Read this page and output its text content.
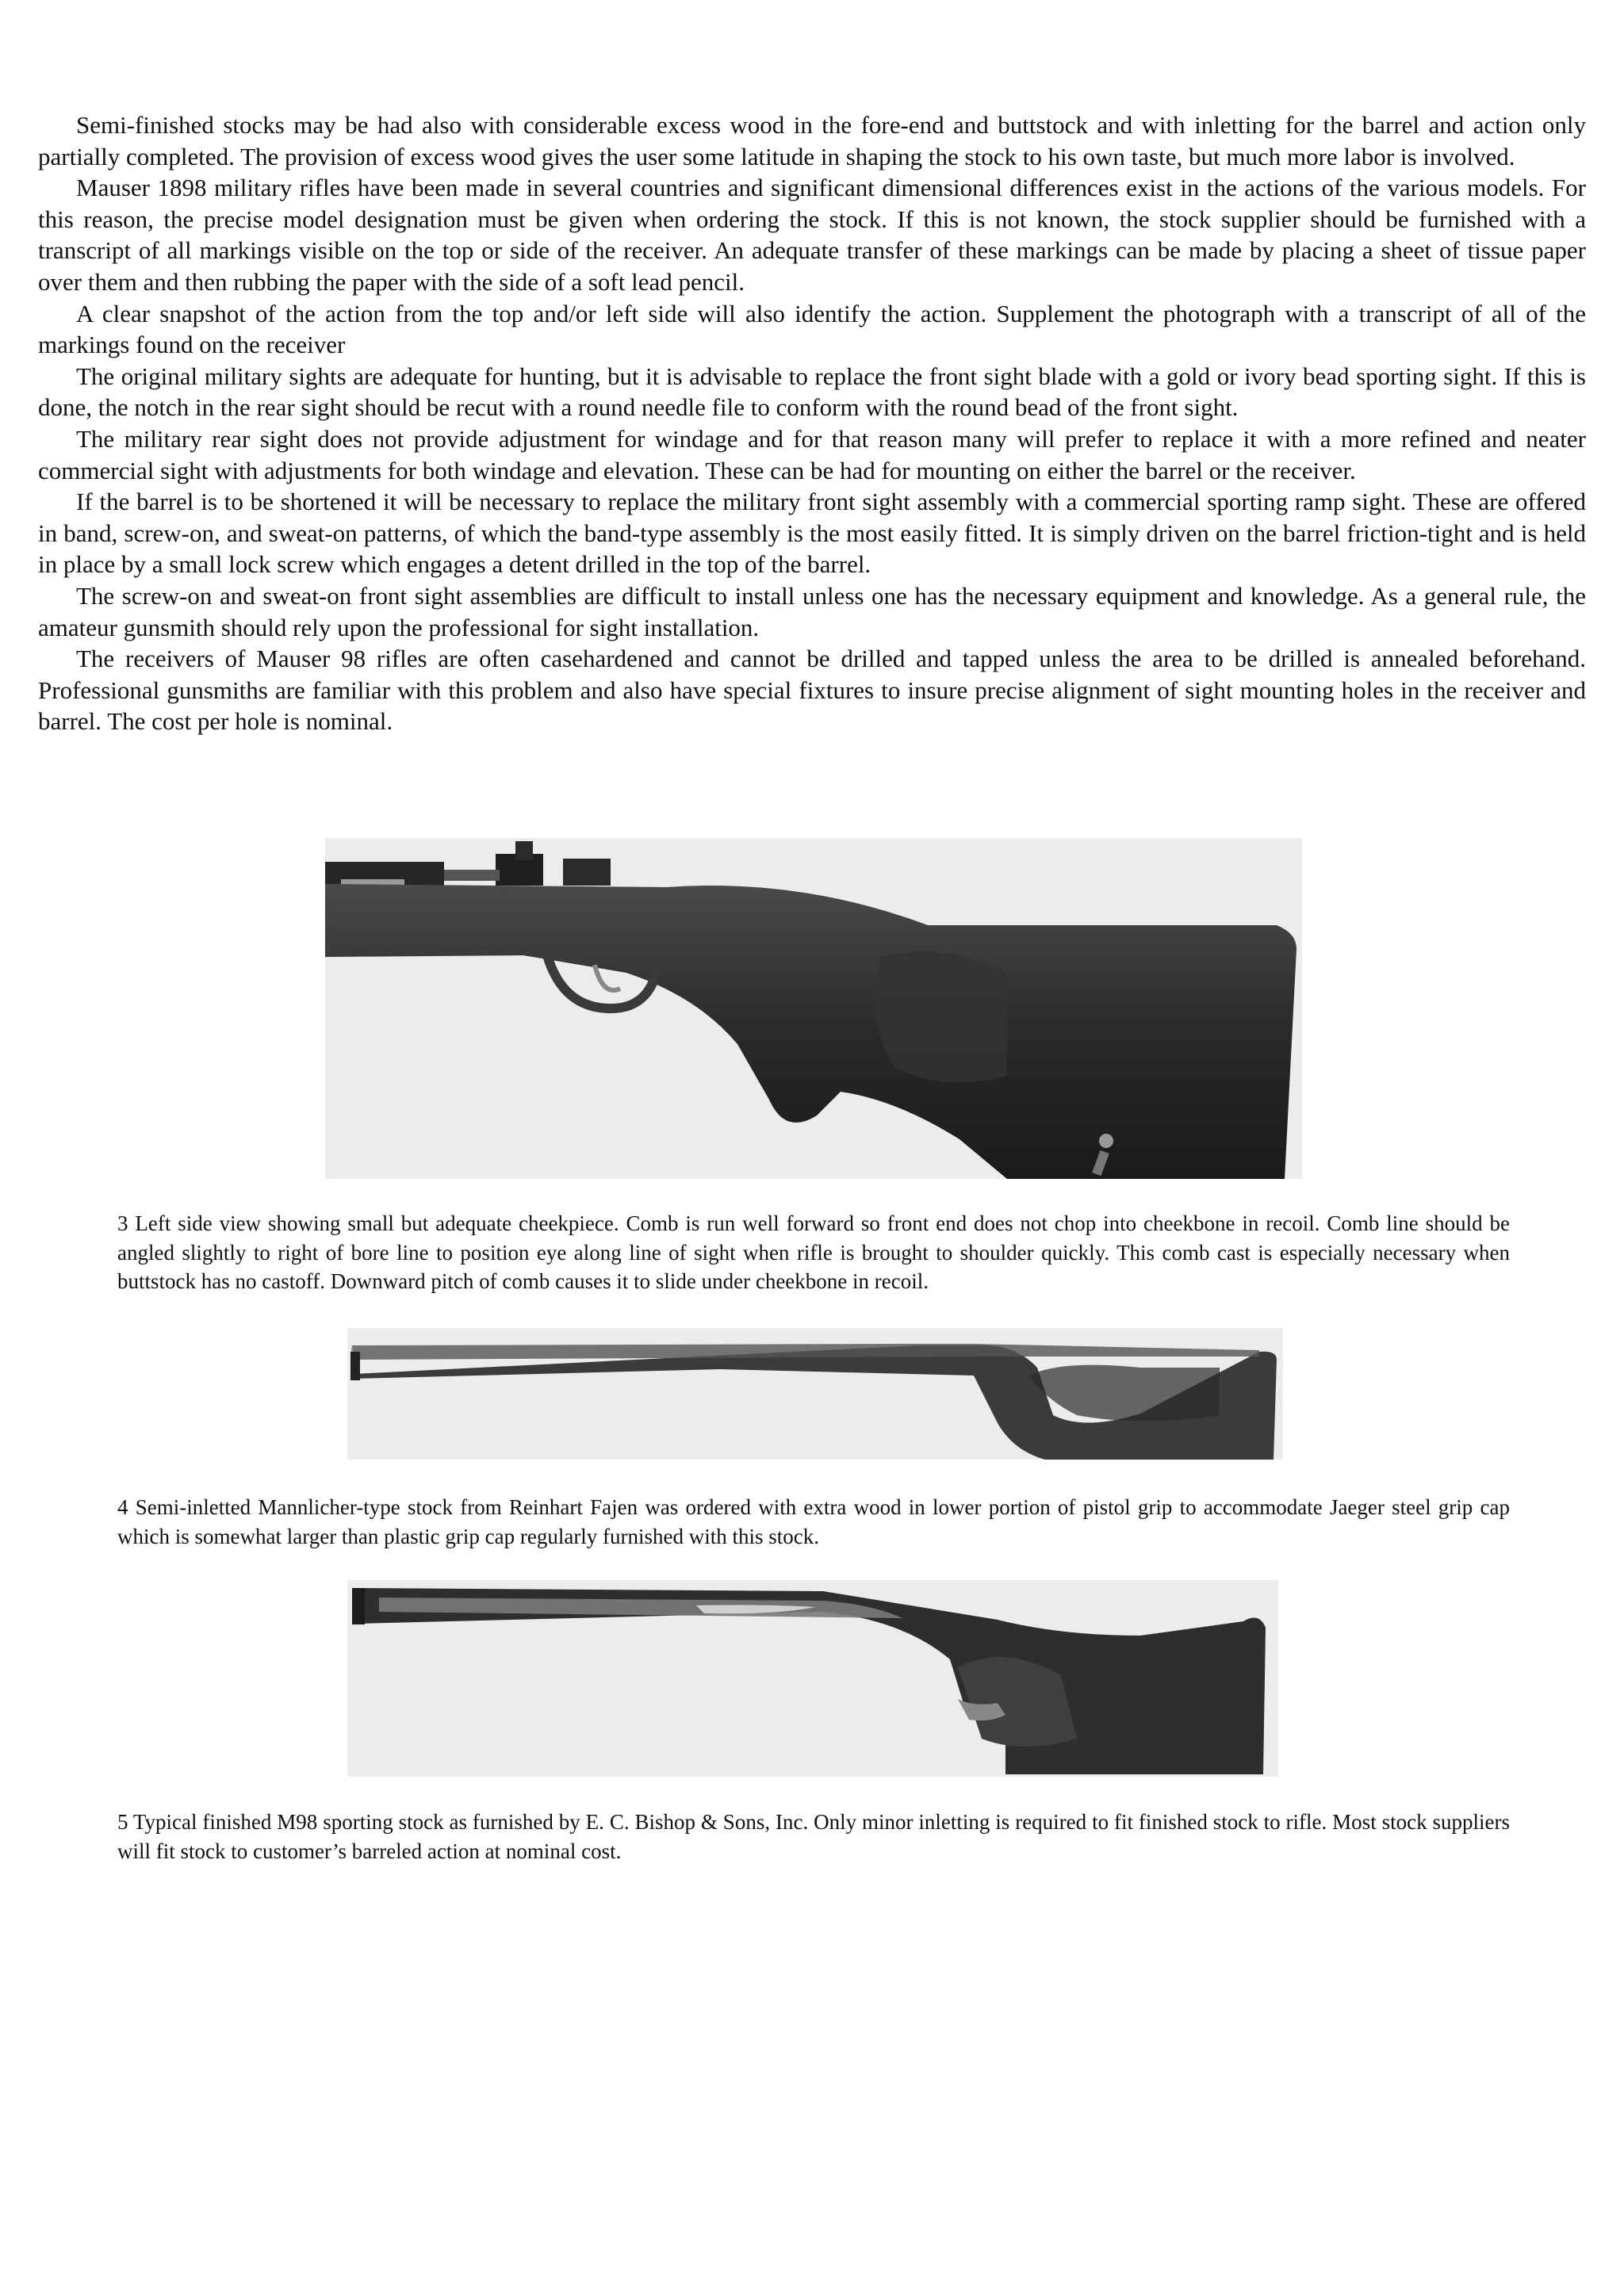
Semi-finished stocks may be had also with considerable excess wood in the fore-end and buttstock and with inletting for the barrel and action only partially completed. The provision of excess wood gives the user some latitude in shaping the stock to his own taste, but much more labor is involved.

Mauser 1898 military rifles have been made in several countries and significant dimensional differences exist in the actions of the various models. For this reason, the precise model designation must be given when ordering the stock. If this is not known, the stock supplier should be furnished with a transcript of all markings visible on the top or side of the receiver. An adequate transfer of these markings can be made by placing a sheet of tissue paper over them and then rubbing the paper with the side of a soft lead pencil.

A clear snapshot of the action from the top and/or left side will also identify the action. Supplement the photograph with a transcript of all of the markings found on the receiver

The original military sights are adequate for hunting, but it is advisable to replace the front sight blade with a gold or ivory bead sporting sight. If this is done, the notch in the rear sight should be recut with a round needle file to conform with the round bead of the front sight.

The military rear sight does not provide adjustment for windage and for that reason many will prefer to replace it with a more refined and neater commercial sight with adjustments for both windage and elevation. These can be had for mounting on either the barrel or the receiver.

If the barrel is to be shortened it will be necessary to replace the military front sight assembly with a commercial sporting ramp sight. These are offered in band, screw-on, and sweat-on patterns, of which the band-type assembly is the most easily fitted. It is simply driven on the barrel friction-tight and is held in place by a small lock screw which engages a detent drilled in the top of the barrel.

The screw-on and sweat-on front sight assemblies are difficult to install unless one has the necessary equipment and knowledge. As a general rule, the amateur gunsmith should rely upon the professional for sight installation.

The receivers of Mauser 98 rifles are often casehardened and cannot be drilled and tapped unless the area to be drilled is annealed beforehand. Professional gunsmiths are familiar with this problem and also have special fixtures to insure precise alignment of sight mounting holes in the receiver and barrel. The cost per hole is nominal.

3 Left side view showing small but adequate cheekpiece. Comb is run well forward so front end does not chop into cheekbone in recoil. Comb line should be angled slightly to right of bore line to position eye along line of sight when rifle is brought to shoulder quickly. This comb cast is especially necessary when buttstock has no castoff. Downward pitch of comb causes it to slide under cheekbone in recoil.

4 Semi-inletted Mannlicher-type stock from Reinhart Fajen was ordered with extra wood in lower portion of pistol grip to accommodate Jaeger steel grip cap which is somewhat larger than plastic grip cap regularly furnished with this stock.

5 Typical finished M98 sporting stock as furnished by E. C. Bishop & Sons, Inc. Only minor inletting is required to fit finished stock to rifle. Most stock suppliers will fit stock to customer’s barreled action at nominal cost.
